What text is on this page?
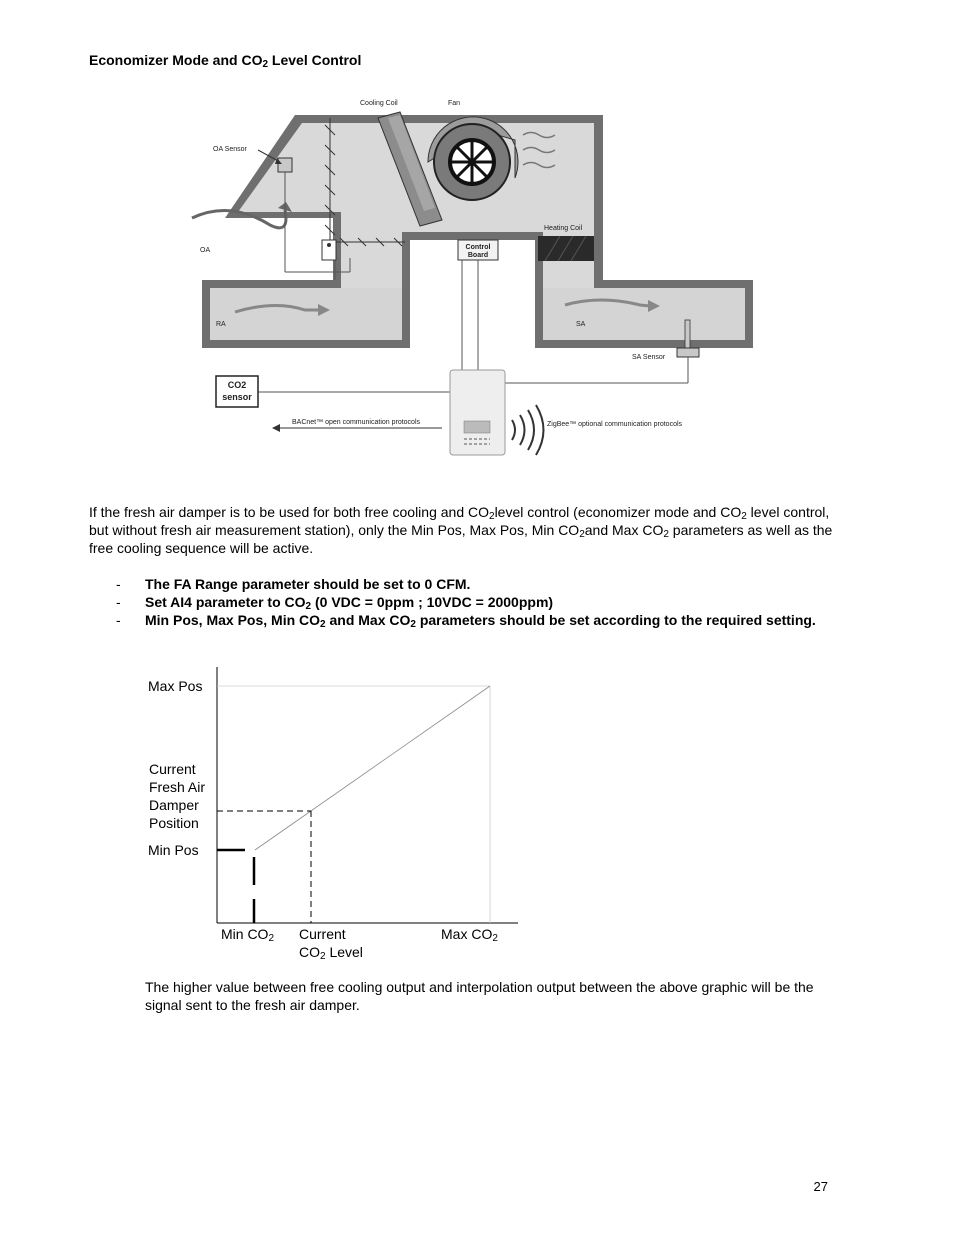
Economizer Mode and $CO_2$ Level Control
Control
Board
CO2
sensor
BACnet™ open communication protocols	ZigBee™ optional communication protocols
Cooling Coil	Fan
OA Sensor
OA
RA	SA
Heating Coil
SA Sensor
If the fresh air damper is to be used for both free cooling and $CO_2level$ control (economizer mode and $CO_2$ level control, but without fresh air measurement station), only the Min Pos, Max Pos, Min $CO_2and$ Max $CO_2$ parameters as well as the free cooling sequence will be active.
- The FA Range parameter should be set to 0 CFM.
- Set AI4 parameter to $CO_2$ (0 VDC = 0ppm ; 10VDC = 2000ppm)
- Min Pos, Max Pos, Min $CO_2$ and Max $CO_2$ parameters should be set according to the required setting.
Max Pos
Current
Fresh Air
Damper
Position
Min Pos
Min $CO_2$ Current
$CO_2$ Level
Max $CO_2$
The higher value between free cooling output and interpolation output between the above graphic will be the signal sent to the fresh air damper.
27
